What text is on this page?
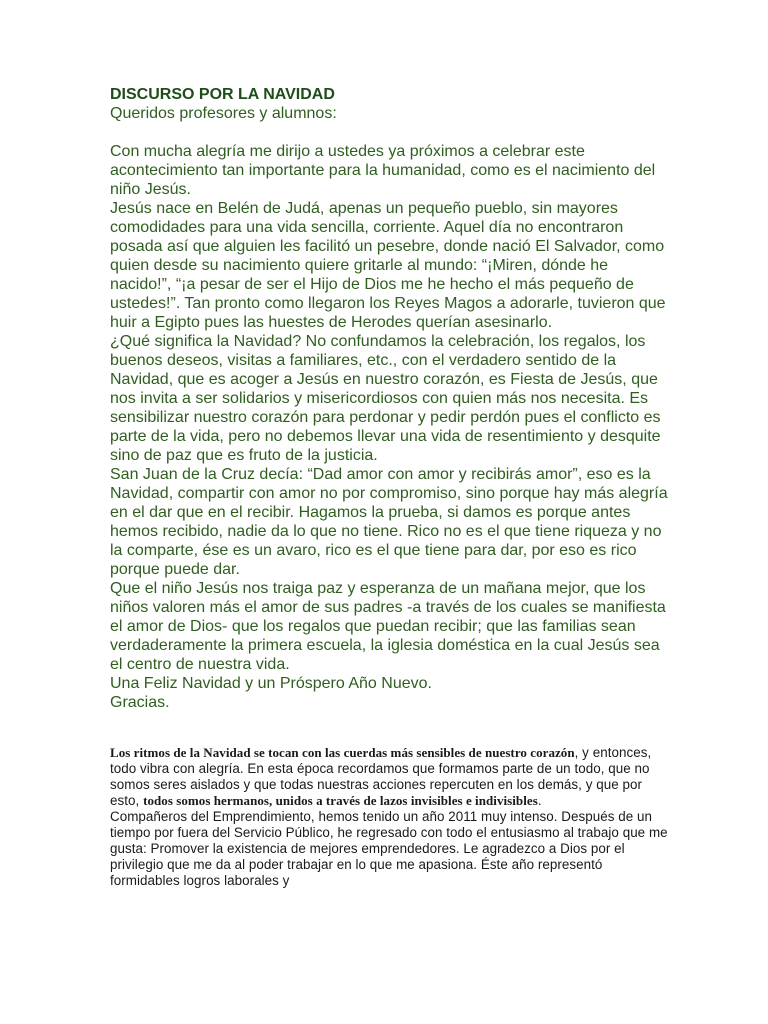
DISCURSO POR LA NAVIDAD

Queridos profesores y alumnos:

Con mucha alegría me dirijo a ustedes ya próximos a celebrar este acontecimiento tan importante para la humanidad, como es el nacimiento del niño Jesús.

Jesús nace en Belén de Judá, apenas un pequeño pueblo, sin mayores comodidades para una vida sencilla, corriente. Aquel día no encontraron posada así que alguien les facilitó un pesebre, donde nació El Salvador, como quien desde su nacimiento quiere gritarle al mundo: “¡Miren, dónde he nacido!”, “¡a pesar de ser el Hijo de Dios me he hecho el más pequeño de ustedes!”. Tan pronto como llegaron los Reyes Magos a adorarle, tuvieron que huir a Egipto pues las huestes de Herodes querían asesinarlo.

¿Qué significa la Navidad? No confundamos la celebración, los regalos, los buenos deseos, visitas a familiares, etc., con el verdadero sentido de la Navidad, que es acoger a Jesús en nuestro corazón, es Fiesta de Jesús, que nos invita a ser solidarios y misericordiosos con quien más nos necesita. Es sensibilizar nuestro corazón para perdonar y pedir perdón pues el conflicto es parte de la vida, pero no debemos llevar una vida de resentimiento y desquite sino de paz que es fruto de la justicia.

San Juan de la Cruz decía: “Dad amor con amor y recibirás amor”, eso es la Navidad, compartir con amor no por compromiso, sino porque hay más alegría en el dar que en el recibir. Hagamos la prueba, si damos es porque antes hemos recibido, nadie da lo que no tiene. Rico no es el que tiene riqueza y no la comparte, ése es un avaro, rico es el que tiene para dar, por eso es rico porque puede dar.

Que el niño Jesús nos traiga paz y esperanza de un mañana mejor, que los niños valoren más el amor de sus padres -a través de los cuales se manifiesta el amor de Dios- que los regalos que puedan recibir; que las familias sean verdaderamente la primera escuela, la iglesia doméstica en la cual Jesús sea el centro de nuestra vida.

Una Feliz Navidad y un Próspero Año Nuevo.

Gracias.

Los ritmos de la Navidad se tocan con las cuerdas más sensibles de nuestro corazón, y entonces, todo vibra con alegría. En esta época recordamos que formamos parte de un todo, que no somos seres aislados y que todas nuestras acciones repercuten en los demás, y que por esto, todos somos hermanos, unidos a través de lazos invisibles e indivisibles.

Compañeros del Emprendimiento, hemos tenido un año 2011 muy intenso. Después de un tiempo por fuera del Servicio Público, he regresado con todo el entusiasmo al trabajo que me gusta: Promover la existencia de mejores emprendedores. Le agradezco a Dios por el privilegio que me da al poder trabajar en lo que me apasiona. Éste año representó formidables logros laborales y
